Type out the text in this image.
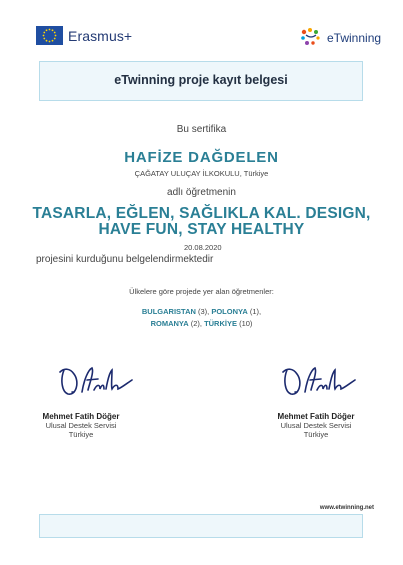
Erasmus+	eTwinning
eTwinning proje kayıt belgesi
Bu sertifika
HAFİZE DAĞDELEN
ÇAĞATAY ULUÇAY İLKOKULU, Türkiye
adlı öğretmenin
TASARLA, EĞLEN, SAĞLIKLA KAL. DESIGN,
HAVE FUN, STAY HEALTHY
20.08.2020
projesini kurduğunu belgelendirmektedir
Ülkelere göre projede yer alan öğretmenler:
BULGARISTAN (3), POLONYA (1),
ROMANYA (2), TÜRKİYE (10)
Mehmet Fatih Döğer
Ulusal Destek Servisi
Türkiye
Mehmet Fatih Döğer
Ulusal Destek Servisi
Türkiye
www.etwinning.net
